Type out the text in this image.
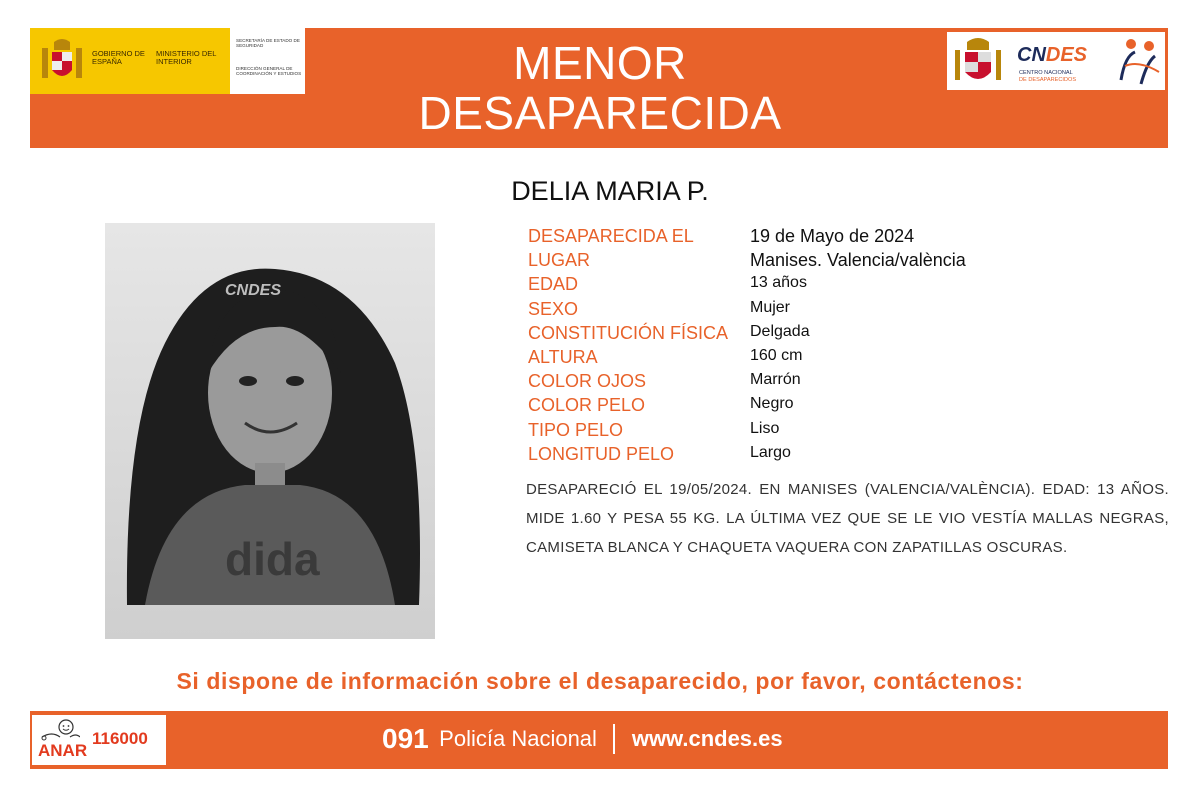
GOBIERNO DE ESPAÑA
MINISTERIO DEL INTERIOR
SECRETARÍA DE ESTADO DE SEGURIDAD
DIRECCIÓN GENERAL DE COORDINACIÓN Y ESTUDIOS	MENOR
DESAPARECIDA
CNDES
CENTRO NACIONAL
DE DESAPARECIDOS
DELIA MARIA P.
dida
CNDES
DESAPARECIDA EL	19 de Mayo de 2024
LUGAR	Manises. Valencia/valència
EDAD	13 años
SEXO	Mujer
CONSTITUCIÓN FÍSICA Delgada
ALTURA	160 cm
COLOR OJOS	Marrón
COLOR PELO	Negro
TIPO PELO	Liso
LONGITUD PELO	Largo
DESAPARECIÓ EL 19/05/2024. EN MANISES (VALENCIA/VALÈNCIA). EDAD: 13 AÑOS. MIDE 1.60 Y PESA 55 KG. LA ÚLTIMA VEZ QUE SE LE VIO VESTÍA MALLAS NEGRAS, CAMISETA BLANCA Y CHAQUETA VAQUERA CON ZAPATILLAS OSCURAS.
Si dispone de información sobre el desaparecido, por favor, contáctenos:
ANAR
116000	091 Policía Nacional www.cndes.es
